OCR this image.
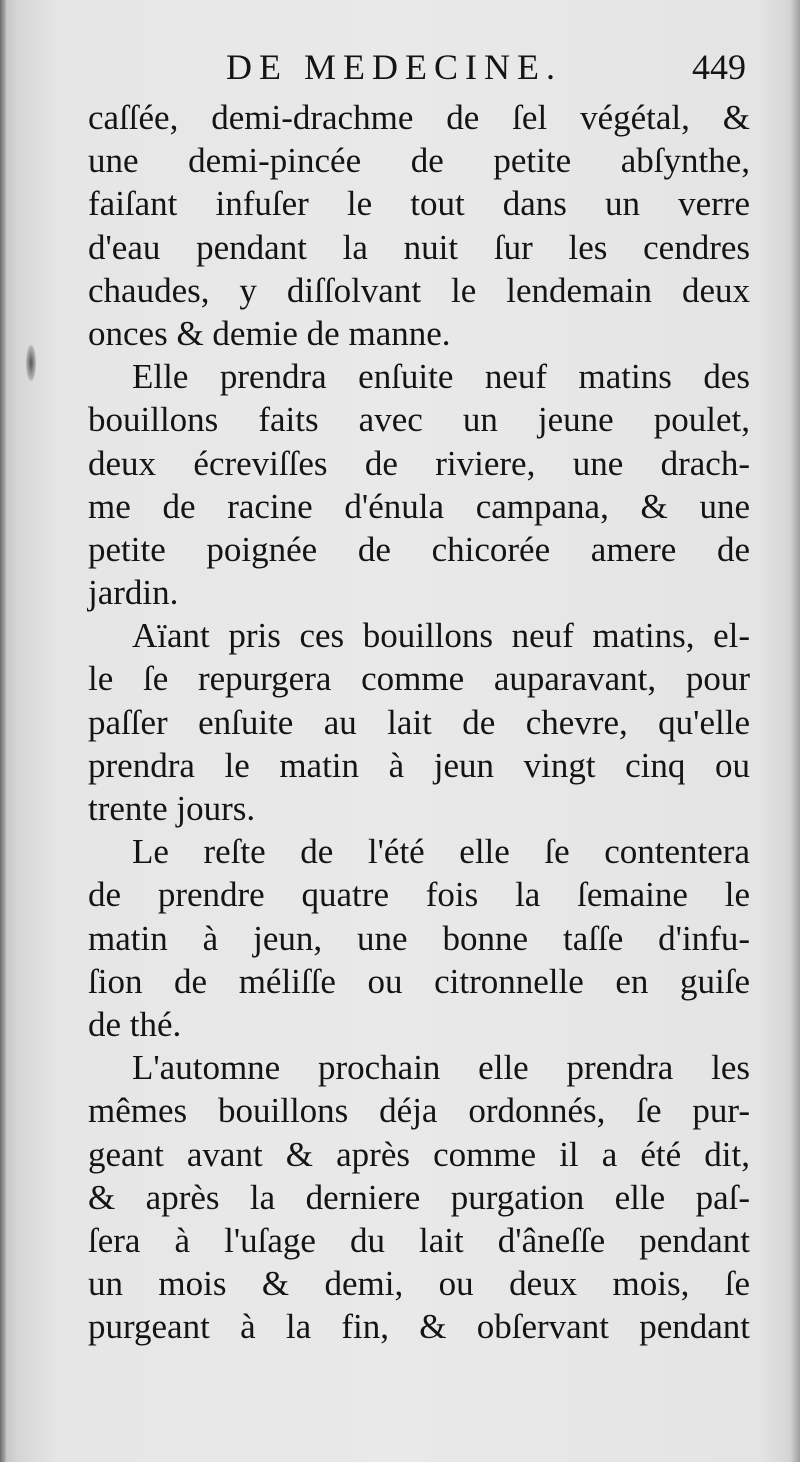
DE MEDECINE.	449
caſſée, demi-drachme de ſel végétal, &
une demi-pincée de petite abſynthe,
faiſant infuſer le tout dans un verre
d'eau pendant la nuit ſur les cendres
chaudes, y diſſolvant le lendemain deux
onces & demie de manne.
Elle prendra enſuite neuf matins des
bouillons faits avec un jeune poulet,
deux écreviſſes de riviere, une drach-
me de racine d'énula campana, & une
petite poignée de chicorée amere de
jardin.
Aïant pris ces bouillons neuf matins, el-
le ſe repurgera comme auparavant, pour
paſſer enſuite au lait de chevre, qu'elle
prendra le matin à jeun vingt cinq ou
trente jours.
Le reſte de l'été elle ſe contentera
de prendre quatre fois la ſemaine le
matin à jeun, une bonne taſſe d'infu-
ſion de méliſſe ou citronnelle en guiſe
de thé.
L'automne prochain elle prendra les
mêmes bouillons déja ordonnés, ſe pur-
geant avant & après comme il a été dit,
& après la derniere purgation elle paſ-
ſera à l'uſage du lait d'âneſſe pendant
un mois & demi, ou deux mois, ſe
purgeant à la fin, & obſervant pendant
